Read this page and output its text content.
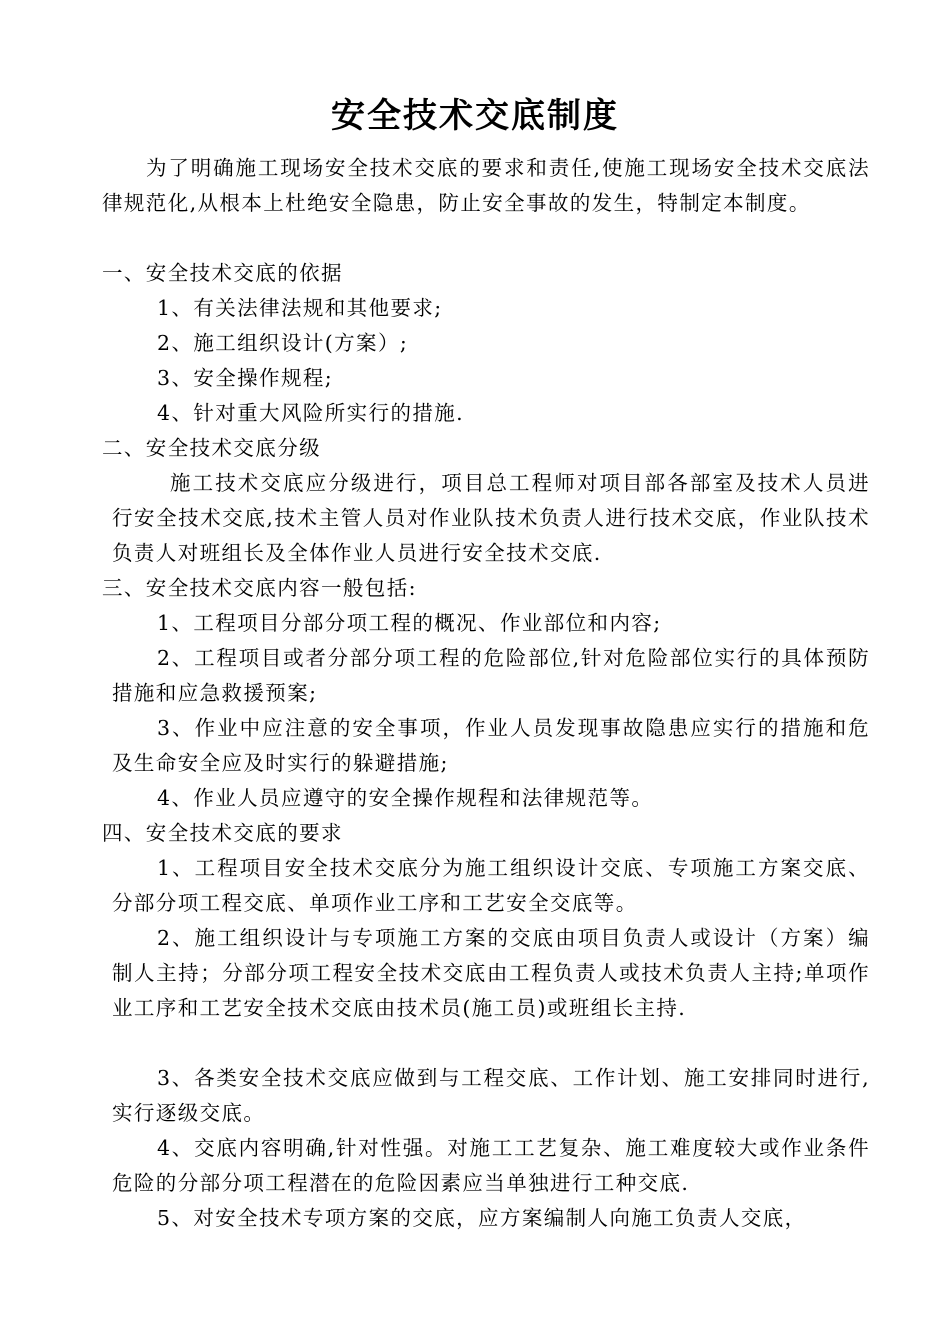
安全技术交底制度

为了明确施工现场安全技术交底的要求和责任,使施工现场安全技术交底法律规范化,从根本上杜绝安全隐患，防止安全事故的发生，特制定本制度。

一、安全技术交底的依据

1、有关法律法规和其他要求;

2、施工组织设计(方案）;

3、安全操作规程;

4、针对重大风险所实行的措施.

二、安全技术交底分级

施工技术交底应分级进行，项目总工程师对项目部各部室及技术人员进行安全技术交底,技术主管人员对作业队技术负责人进行技术交底，作业队技术负责人对班组长及全体作业人员进行安全技术交底.

三、安全技术交底内容一般包括:

1、工程项目分部分项工程的概况、作业部位和内容;

2、工程项目或者分部分项工程的危险部位,针对危险部位实行的具体预防措施和应急救援预案;

3、作业中应注意的安全事项，作业人员发现事故隐患应实行的措施和危及生命安全应及时实行的躲避措施;

4、作业人员应遵守的安全操作规程和法律规范等。

四、安全技术交底的要求

1、工程项目安全技术交底分为施工组织设计交底、专项施工方案交底、分部分项工程交底、单项作业工序和工艺安全交底等。

2、施工组织设计与专项施工方案的交底由项目负责人或设计（方案）编制人主持；分部分项工程安全技术交底由工程负责人或技术负责人主持;单项作业工序和工艺安全技术交底由技术员(施工员)或班组长主持.

3、各类安全技术交底应做到与工程交底、工作计划、施工安排同时进行,实行逐级交底。

4、交底内容明确,针对性强。对施工工艺复杂、施工难度较大或作业条件危险的分部分项工程潜在的危险因素应当单独进行工种交底.

5、对安全技术专项方案的交底，应方案编制人向施工负责人交底，
